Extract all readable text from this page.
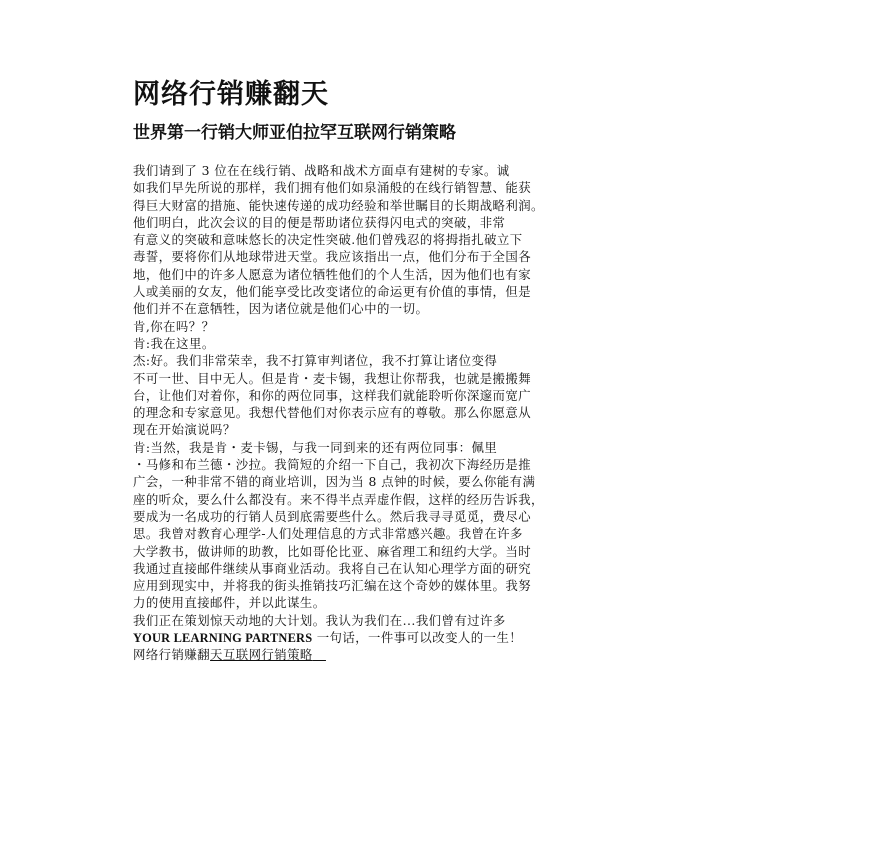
网络行销赚翻天
世界第一行销大师亚伯拉罕互联网行销策略
我们请到了 3 位在在线行销、战略和战术方面卓有建树的专家。诚
如我们早先所说的那样，我们拥有他们如泉涌般的在线行销智慧、能获
得巨大财富的措施、能快速传递的成功经验和举世瞩目的长期战略利润。
他们明白，此次会议的目的便是帮助诸位获得闪电式的突破，非常
有意义的突破和意味悠长的决定性突破.他们曾残忍的将拇指扎破立下
毒誓，要将你们从地球带进天堂。我应该指出一点，他们分布于全国各
地，他们中的许多人愿意为诸位牺牲他们的个人生活，因为他们也有家
人或美丽的女友，他们能享受比改变诸位的命运更有价值的事情，但是
他们并不在意牺牲，因为诸位就是他们心中的一切。
肯,你在吗？？
肯:我在这里。
杰:好。我们非常荣幸，我不打算审判诸位，我不打算让诸位变得
不可一世、目中无人。但是肯・麦卡锡，我想让你帮我，也就是搬搬舞
台，让他们对着你，和你的两位同事，这样我们就能聆听你深邃而宽广
的理念和专家意见。我想代替他们对你表示应有的尊敬。那么你愿意从
现在开始演说吗？
肯:当然，我是肯・麦卡锡，与我一同到来的还有两位同事：佩里
・马修和布兰德・沙拉。我简短的介绍一下自己，我初次下海经历是推
广会，一种非常不错的商业培训，因为当 8 点钟的时候，要么你能有满
座的听众，要么什么都没有。来不得半点弄虚作假，这样的经历告诉我，
要成为一名成功的行销人员到底需要些什么。然后我寻寻觅觅，费尽心
思。我曾对教育心理学-人们处理信息的方式非常感兴趣。我曾在许多
大学教书，做讲师的助教，比如哥伦比亚、麻省理工和纽约大学。当时
我通过直接邮件继续从事商业活动。我将自己在认知心理学方面的研究
应用到现实中，并将我的街头推销技巧汇编在这个奇妙的媒体里。我努
力的使用直接邮件，并以此谋生。
我们正在策划惊天动地的大计划。我认为我们在...我们曾有过许多
YOUR LEARNING PARTNERS 一句话，一件事可以改变人的一生！
网络行销赚翻天互联网行销策略
